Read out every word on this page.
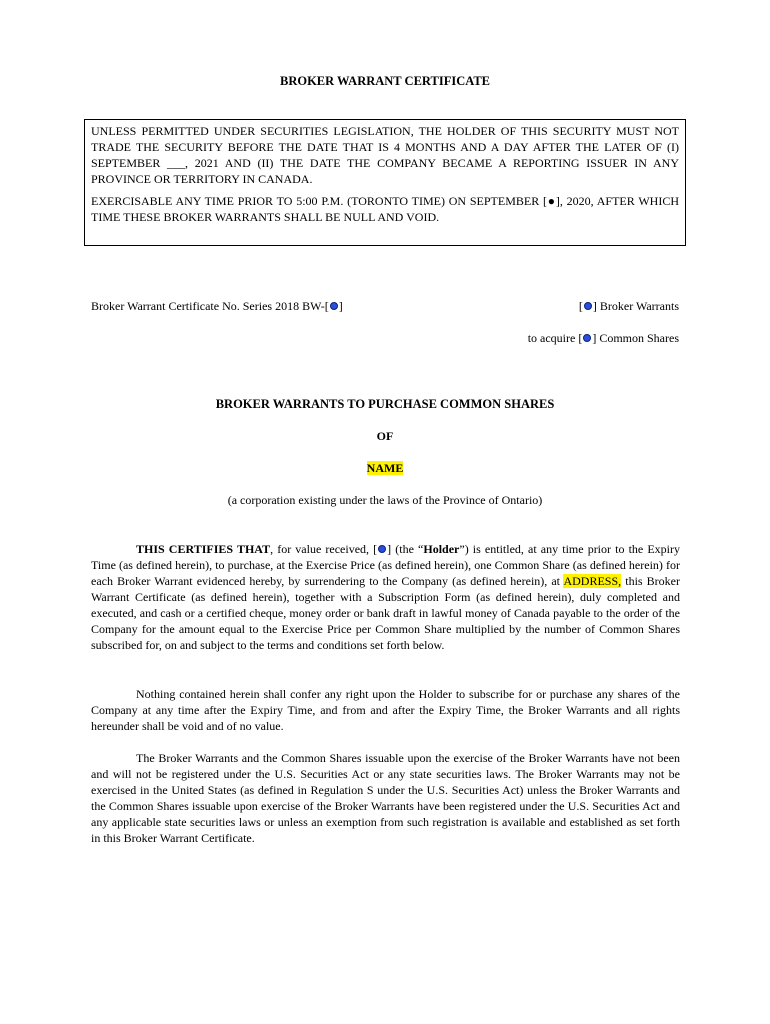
BROKER WARRANT CERTIFICATE

UNLESS PERMITTED UNDER SECURITIES LEGISLATION, THE HOLDER OF THIS SECURITY MUST NOT TRADE THE SECURITY BEFORE THE DATE THAT IS 4 MONTHS AND A DAY AFTER THE LATER OF (I) SEPTEMBER ___, 2021 AND (II) THE DATE THE COMPANY BECAME A REPORTING ISSUER IN ANY PROVINCE OR TERRITORY IN CANADA.

EXERCISABLE ANY TIME PRIOR TO 5:00 P.M. (TORONTO TIME) ON SEPTEMBER [●], 2020, AFTER WHICH TIME THESE BROKER WARRANTS SHALL BE NULL AND VOID.

Broker Warrant Certificate No. Series 2018 BW-[ ]	[ ] Broker Warrants
to acquire [ ] Common Shares
BROKER WARRANTS TO PURCHASE COMMON SHARES
OF
NAME
(a corporation existing under the laws of the Province of Ontario)

THIS CERTIFIES THAT, for value received, [ ] (the “Holder”) is entitled, at any time prior to the Expiry Time (as defined herein), to purchase, at the Exercise Price (as defined herein), one Common Share (as defined herein) for each Broker Warrant evidenced hereby, by surrendering to the Company (as defined herein), at ADDRESS, this Broker Warrant Certificate (as defined herein), together with a Subscription Form (as defined herein), duly completed and executed, and cash or a certified cheque, money order or bank draft in lawful money of Canada payable to the order of the Company for the amount equal to the Exercise Price per Common Share multiplied by the number of Common Shares subscribed for, on and subject to the terms and conditions set forth below.

Nothing contained herein shall confer any right upon the Holder to subscribe for or purchase any shares of the Company at any time after the Expiry Time, and from and after the Expiry Time, the Broker Warrants and all rights hereunder shall be void and of no value.

The Broker Warrants and the Common Shares issuable upon the exercise of the Broker Warrants have not been and will not be registered under the U.S. Securities Act or any state securities laws. The Broker Warrants may not be exercised in the United States (as defined in Regulation S under the U.S. Securities Act) unless the Broker Warrants and the Common Shares issuable upon exercise of the Broker Warrants have been registered under the U.S. Securities Act and any applicable state securities laws or unless an exemption from such registration is available and established as set forth in this Broker Warrant Certificate.
